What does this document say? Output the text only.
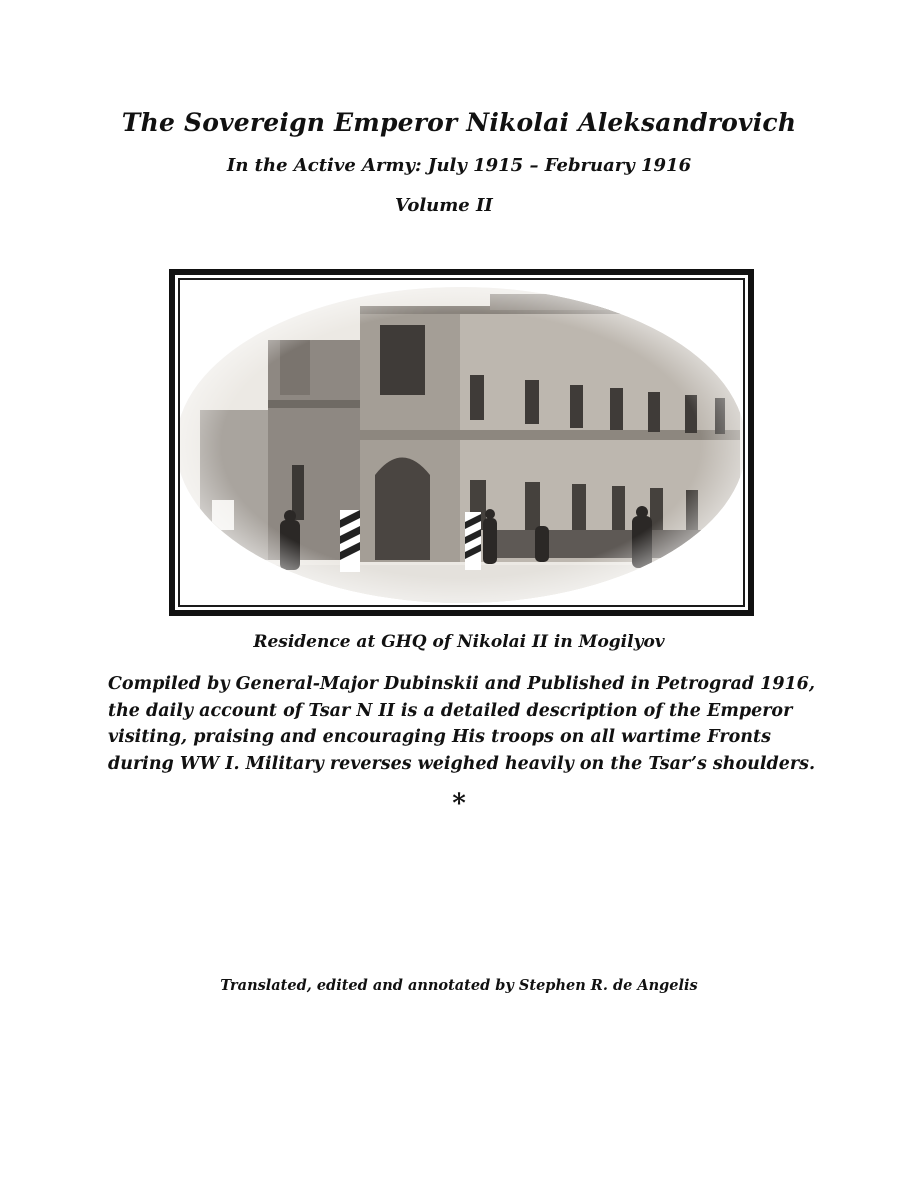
The Sovereign Emperor Nikolai Aleksandrovich
In the Active Army: July 1915 – February 1916
Volume II
Residence at GHQ of Nikolai II in Mogilyov
Compiled by General-Major Dubinskii and Published in Petrograd 1916,
the daily account of Tsar N II is a detailed description of the Emperor
visiting, praising and encouraging His troops on all wartime Fronts
during WW I. Military reverses weighed heavily on the Tsar’s shoulders.
*
Translated, edited and annotated by Stephen R. de Angelis
